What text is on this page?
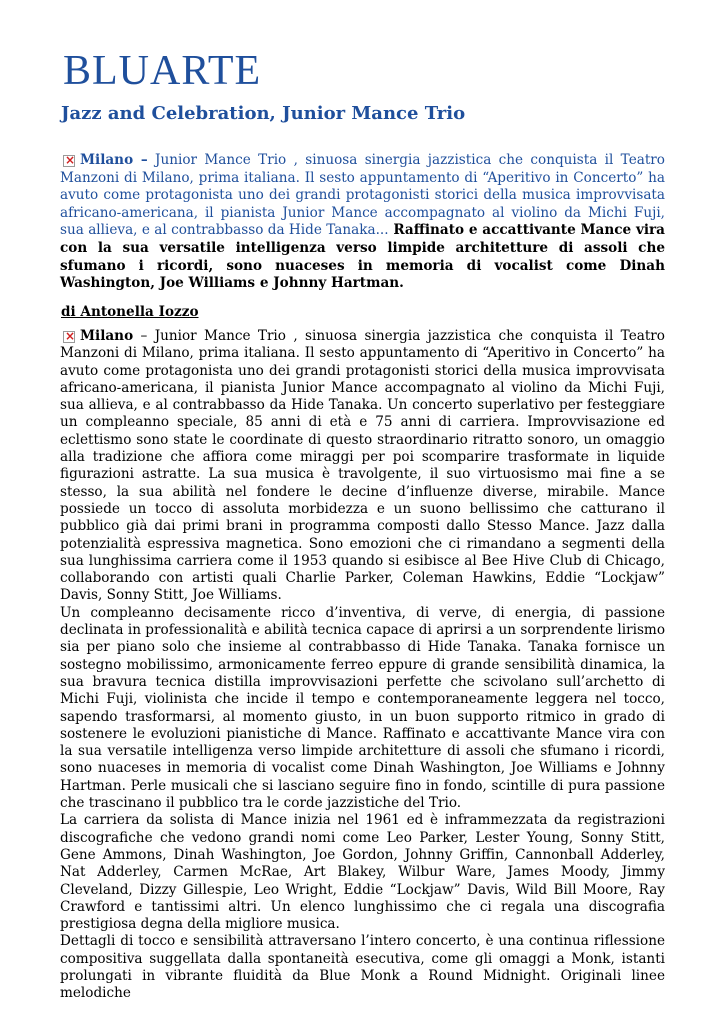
BLUARTE
Jazz and Celebration, Junior Mance Trio
×
Milano – Junior Mance Trio , sinuosa sinergia jazzistica che conquista il Teatro Manzoni di Milano, prima italiana. Il sesto appuntamento di “Aperitivo in Concerto” ha avuto come protagonista uno dei grandi protagonisti storici della musica improvvisata africano-americana, il pianista Junior Mance accompagnato al violino da Michi Fuji, sua allieva, e al contrabbasso da Hide Tanaka... Raffinato e accattivante Mance vira con la sua versatile intelligenza verso limpide architetture di assoli che sfumano i ricordi, sono nuaceses in memoria di vocalist come Dinah Washington, Joe Williams e Johnny Hartman.
di Antonella Iozzo

×
Milano – Junior Mance Trio , sinuosa sinergia jazzistica che conquista il Teatro Manzoni di Milano, prima italiana. Il sesto appuntamento di “Aperitivo in Concerto” ha avuto come protagonista uno dei grandi protagonisti storici della musica improvvisata africano-americana, il pianista Junior Mance accompagnato al violino da Michi Fuji, sua allieva, e al contrabbasso da Hide Tanaka. Un concerto superlativo per festeggiare un compleanno speciale, 85 anni di età e 75 anni di carriera. Improvvisazione ed eclettismo sono state le coordinate di questo straordinario ritratto sonoro, un omaggio alla tradizione che affiora come miraggi per poi scomparire trasformate in liquide figurazioni astratte. La sua musica è travolgente, il suo virtuosismo mai fine a se stesso, la sua abilità nel fondere le decine d’influenze diverse, mirabile. Mance possiede un tocco di assoluta morbidezza e un suono bellissimo che catturano il pubblico già dai primi brani in programma composti dallo Stesso Mance. Jazz dalla potenzialità espressiva magnetica. Sono emozioni che ci rimandano a segmenti della sua lunghissima carriera come il 1953 quando si esibisce al Bee Hive Club di Chicago, collaborando con artisti quali Charlie Parker, Coleman Hawkins, Eddie “Lockjaw” Davis, Sonny Stitt, Joe Williams.

Un compleanno decisamente ricco d’inventiva, di verve, di energia, di passione declinata in professionalità e abilità tecnica capace di aprirsi a un sorprendente lirismo sia per piano solo che insieme al contrabbasso di Hide Tanaka. Tanaka fornisce un sostegno mobilissimo, armonicamente ferreo eppure di grande sensibilità dinamica, la sua bravura tecnica distilla improvvisazioni perfette che scivolano sull’archetto di Michi Fuji, violinista che incide il tempo e contemporaneamente leggera nel tocco, sapendo trasformarsi, al momento giusto, in un buon supporto ritmico in grado di sostenere le evoluzioni pianistiche di Mance. Raffinato e accattivante Mance vira con la sua versatile intelligenza verso limpide architetture di assoli che sfumano i ricordi, sono nuaceses in memoria di vocalist come Dinah Washington, Joe Williams e Johnny Hartman. Perle musicali che si lasciano seguire fino in fondo, scintille di pura passione che trascinano il pubblico tra le corde jazzistiche del Trio.

La carriera da solista di Mance inizia nel 1961 ed è inframmezzata da registrazioni discografiche che vedono grandi nomi come Leo Parker, Lester Young, Sonny Stitt, Gene Ammons, Dinah Washington, Joe Gordon, Johnny Griffin, Cannonball Adderley, Nat Adderley, Carmen McRae, Art Blakey, Wilbur Ware, James Moody, Jimmy Cleveland, Dizzy Gillespie, Leo Wright, Eddie “Lockjaw” Davis, Wild Bill Moore, Ray Crawford e tantissimi altri. Un elenco lunghissimo che ci regala una discografia prestigiosa degna della migliore musica.

Dettagli di tocco e sensibilità attraversano l’intero concerto, è una continua riflessione compositiva suggellata dalla spontaneità esecutiva, come gli omaggi a Monk, istanti prolungati in vibrante fluidità da Blue Monk a Round Midnight. Originali linee melodiche
